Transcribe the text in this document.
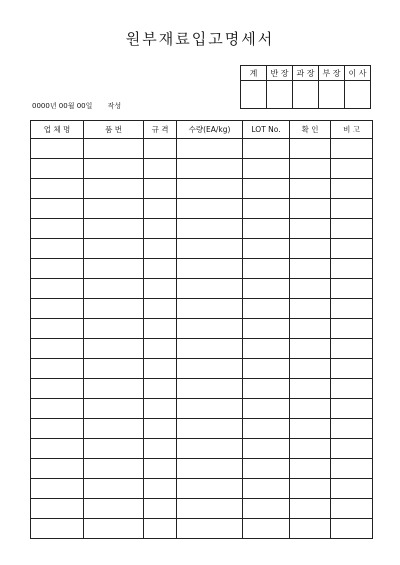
원부재료입고명세서
계	반 장	과 장	부 장	이 사

0000년 00월 00일 작성
업 체 명	품 번	규 격	수량(EA/kg)	LOT No.	확 인	비 고
